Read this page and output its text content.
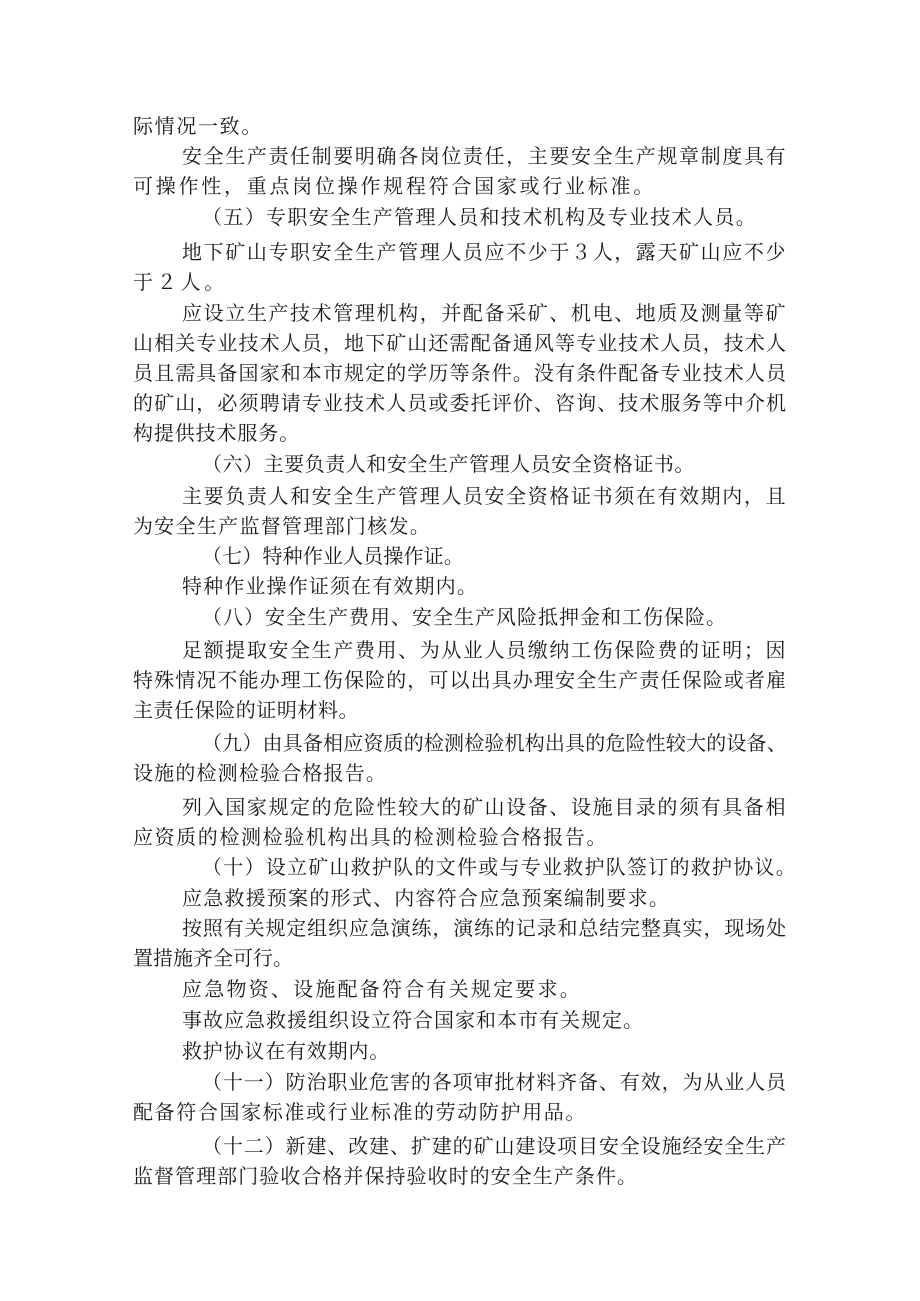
际情况一致。
安全生产责任制要明确各岗位责任，主要安全生产规章制度具有
可操作性，重点岗位操作规程符合国家或行业标准。
（五）专职安全生产管理人员和技术机构及专业技术人员。
地下矿山专职安全生产管理人员应不少于３人，露天矿山应不少
于２人。
应设立生产技术管理机构，并配备采矿、机电、地质及测量等矿
山相关专业技术人员，地下矿山还需配备通风等专业技术人员，技术人
员且需具备国家和本市规定的学历等条件。没有条件配备专业技术人员
的矿山，必须聘请专业技术人员或委托评价、咨询、技术服务等中介机
构提供技术服务。
（六）主要负责人和安全生产管理人员安全资格证书。
主要负责人和安全生产管理人员安全资格证书须在有效期内，且
为安全生产监督管理部门核发。
（七）特种作业人员操作证。
特种作业操作证须在有效期内。
（八）安全生产费用、安全生产风险抵押金和工伤保险。
足额提取安全生产费用、为从业人员缴纳工伤保险费的证明；因
特殊情况不能办理工伤保险的，可以出具办理安全生产责任保险或者雇
主责任保险的证明材料。
（九）由具备相应资质的检测检验机构出具的危险性较大的设备、
设施的检测检验合格报告。
列入国家规定的危险性较大的矿山设备、设施目录的须有具备相
应资质的检测检验机构出具的检测检验合格报告。
（十）设立矿山救护队的文件或与专业救护队签订的救护协议。
应急救援预案的形式、内容符合应急预案编制要求。
按照有关规定组织应急演练，演练的记录和总结完整真实，现场处
置措施齐全可行。
应急物资、设施配备符合有关规定要求。
事故应急救援组织设立符合国家和本市有关规定。
救护协议在有效期内。
（十一）防治职业危害的各项审批材料齐备、有效，为从业人员
配备符合国家标准或行业标准的劳动防护用品。
（十二）新建、改建、扩建的矿山建设项目安全设施经安全生产
监督管理部门验收合格并保持验收时的安全生产条件。
